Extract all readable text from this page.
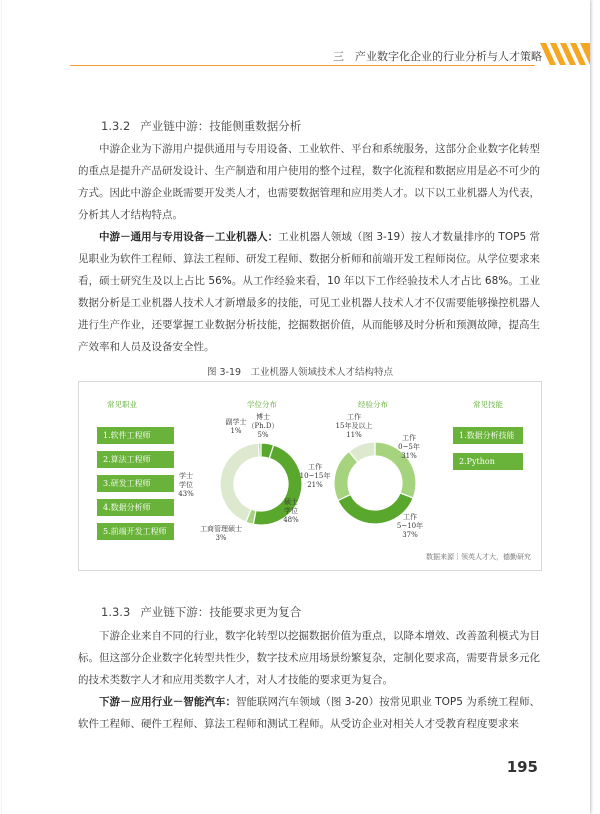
三　产业数字化企业的行业分析与人才策略
1.3.2 产业链中游：技能侧重数据分析
中游企业为下游用户提供通用与专用设备、工业软件、平台和系统服务，这部分企业数字化转型的重点是提升产品研发设计、生产制造和用户使用的整个过程，数字化流程和数据应用是必不可少的方式。因此中游企业既需要开发类人才，也需要数据管理和应用类人才。以下以工业机器人为代表，分析其人才结构特点。
中游－通用与专用设备－工业机器人：工业机器人领域（图 3-19）按人才数量排序的 TOP5 常见职业为软件工程师、算法工程师、研发工程师、数据分析师和前端开发工程师岗位。从学位要求来看，硕士研究生及以上占比 56%。从工作经验来看，10 年以下工作经验技术人才占比 68%。工业数据分析是工业机器人技术人才新增最多的技能，可见工业机器人技术人才不仅需要能够操控机器人进行生产作业，还要掌握工业数据分析技能，挖掘数据价值，从而能够及时分析和预测故障，提高生产效率和人员及设备安全性。
图 3-19　工业机器人领域技术人才结构特点
常见职业	学位分布	经验分布	常见技能
博士（Ph.D） 5%
硕士学位 48%
工商管理硕士 3%
学士学位 43%
副学士 1%
工作 0~5年 31%
工作 5~10年 37%
工作 10~15年 21%
工作 15年及以上 11%
1.软件工程师
2.算法工程师
3.研发工程师
4.数据分析师
5.前端开发工程师
1.数据分析技能
2.Python
数据来源｜领英人才大，德勤研究
1.3.3 产业链下游：技能要求更为复合
下游企业来自不同的行业，数字化转型以挖掘数据价值为重点，以降本增效、改善盈利模式为目标。但这部分企业数字化转型共性少，数字技术应用场景纷繁复杂，定制化要求高，需要背景多元化的技术类数字人才和应用类数字人才，对人才技能的要求更为复合。
下游－应用行业－智能汽车：智能联网汽车领域（图 3-20）按常见职业 TOP5 为系统工程师、软件工程师、硬件工程师、算法工程师和测试工程师。从受访企业对相关人才受教育程度要求来
195
